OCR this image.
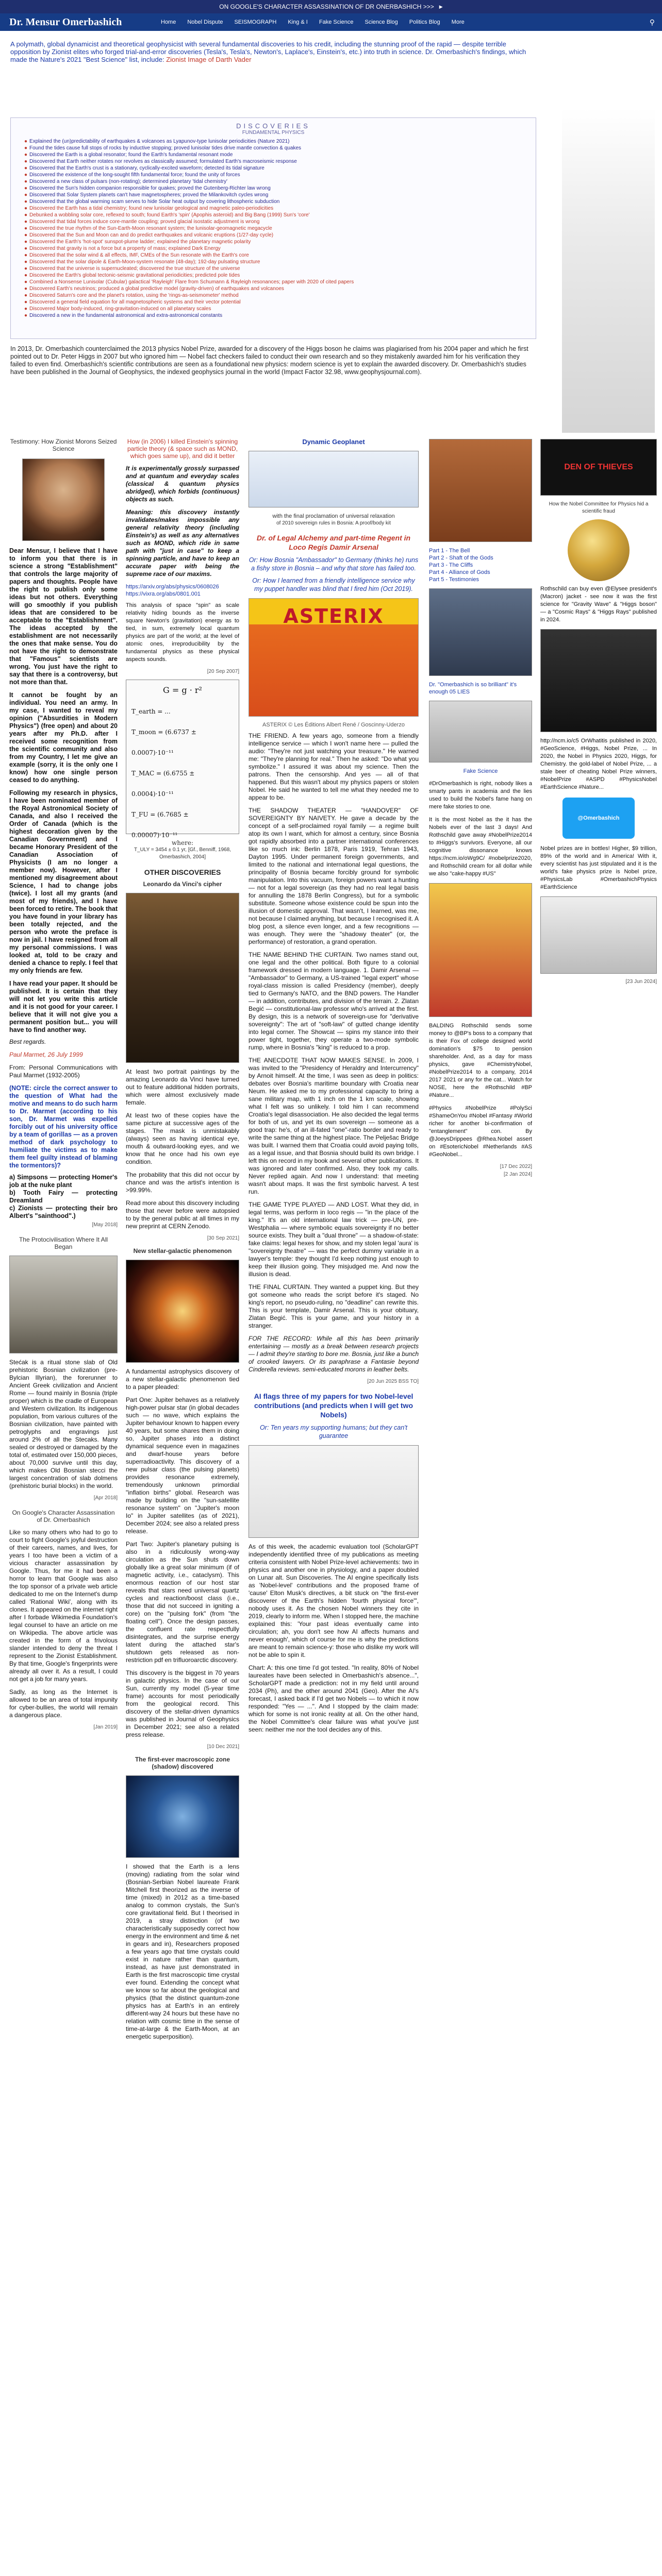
ON GOOGLE'S CHARACTER ASSASSINATION OF DR ONERBASHICH >>> ▶
Dr. Mensur Omerbashich	Home Nobel Dispute SEISMOGRAPH King & I Fake Science Science Blog Politics Blog More	⚲
A polymath, global dynamicist and theoretical geophysicist with several fundamental discoveries to his credit, including the stunning proof of the rapid — despite terrible opposition by Zionist elites who forged trial-and-error discoveries (Tesla's, Tesla's, Newton's, Laplace's, Einstein's, etc.) into truth in science. Dr. Omerbashich's findings, which made the Nature's 2021 "Best Science" list, include: Zionist Image of Darth Vader
DISCOVERIES
FUNDAMENTAL PHYSICS
● Explained the (un)predictability of earthquakes & volcanoes as Lyapunov-type lunisolar periodicities (Nature 2021)
● Found the tides cause full stops of rocks by inductive stopping; proved lunisolar tides drive mantle convection & quakes
● Discovered the Earth is a global resonator; found the Earth's fundamental resonant mode
● Discovered that Earth neither rotates nor revolves as classically assumed; formulated Earth's macroseismic response
● Discovered that the Earth's crust is a stationary, cyclically-excited waveform; detected its tidal signature
● Discovered the existence of the long-sought fifth fundamental force; found the unity of forces
● Discovered a new class of pulsars (non-rotating); determined planetary 'tidal chemistry'
● Discovered the Sun's hidden companion responsible for quakes; proved the Gutenberg-Richter law wrong
● Discovered that Solar System planets can't have magnetospheres; proved the Milankovitch cycles wrong
● Discovered that the global warming scam serves to hide Solar heat output by covering lithospheric subduction
● Discovered the Earth has a tidal chemistry; found new lunisolar geological and magnetic paleo-periodicities
● Debunked a wobbling solar core, reflexed to south; found Earth's 'spin' (Apophis asteroid) and Big Bang (1999) Sun's 'core'
● Discovered that tidal forces induce core-mantle coupling; proved glacial isostatic adjustment is wrong
● Discovered the true rhythm of the Sun-Earth-Moon resonant system; the lunisolar-geomagnetic megacycle
● Discovered that the Sun and Moon can and do predict earthquakes and volcanic eruptions (1/27-day cycle)
● Discovered the Earth's 'hot-spot' sunspot-plume ladder; explained the planetary magnetic polarity
● Discovered that gravity is not a force but a property of mass; explained Dark Energy
● Discovered that the solar wind & all effects, IMF, CMEs of the Sun resonate with the Earth's core
● Discovered that the solar dipole & Earth-Moon-system resonate (48-day); 192-day pulsating structure
● Discovered that the universe is supernucleated; discovered the true structure of the universe
● Discovered the Earth's global tectonic-seismic gravitational periodicities; predicted pole tides
● Combined a Nonsense Lunisolar (Cubular) galactical 'Rayleigh' Flare from Schumann & Rayleigh resonances; paper with 2020 of cited papers
● Discovered Earth's neutrinos; produced a global predictive model (gravity-driven) of earthquakes and volcanoes
● Discovered Saturn's core and the planet's rotation, using the 'rings-as-seismometer' method
● Discovered a general field equation for all magnetospheric systems and their vector potential
● Discovered Major body-induced, ring-gravitation-induced on all planetary scales
● Discovered a new in the fundamental astronomical and extra-astronomical constants
In 2013, Dr. Omerbashich counterclaimed the 2013 physics Nobel Prize, awarded for a discovery of the Higgs boson he claims was plagiarised from his 2004 paper and which he first pointed out to Dr. Peter Higgs in 2007 but who ignored him — Nobel fact checkers failed to conduct their own research and so they mistakenly awarded him for his verification they failed to even find. Omerbashich's scientific contributions are seen as a foundational new physics: modern science is yet to explain the awarded discovery. Dr. Omerbashich's studies have been published in the Journal of Geophysics, the indexed geophysics journal in the world (Impact Factor 32.98, www.geophysjournal.com).
Testimony: How Zionist Morons Seized Science
Dear Mensur, I believe that I have to inform you that there is in science a strong "Establishment" that controls the large majority of papers and thoughts. People have the right to publish only some ideas but not others. Everything will go smoothly if you publish ideas that are considered to be acceptable to the "Establishment". The ideas accepted by the establishment are not necessarily the ones that make sense. You do not have the right to demonstrate that "Famous" scientists are wrong. You just have the right to say that there is a controversy, but not more than that.
It cannot be fought by an individual. You need an army. In my case, I wanted to reveal my opinion ("Absurdities in Modern Physics") (free open) and about 20 years after my Ph.D. after I received some recognition from the scientific community and also from my Country, I let me give an example (sorry, it is the only one I know) how one single person ceased to do anything.
Following my research in physics, I have been nominated member of the Royal Astronomical Society of Canada, and also I received the Order of Canada (which is the highest decoration given by the Canadian Government) and I became Honorary President of the Canadian Association of Physicists (I am no longer a member now). However, after I mentioned my disagreement about Science, I had to change jobs (twice). I lost all my grants (and most of my friends), and I have been forced to retire. The book that you have found in your library has been totally rejected, and the person who wrote the preface is now in jail. I have resigned from all my personal commissions. I was looked at, told to be crazy and denied a chance to reply. I feel that my only friends are few.
I have read your paper. It should be published. It is certain that they will not let you write this article and it is not good for your career. I believe that it will not give you a permanent position but... you will have to find another way.
Best regards.
Paul Marmet, 26 July 1999
From: Personal Communications with Paul Marmet (1932-2005)
(NOTE: circle the correct answer to the question of What had the motive and means to do such harm to Dr. Marmet (according to his son, Dr. Marmet was expelled forcibly out of his university office by a team of gorillas — as a proven method of dark psychology to humiliate the victims as to make them feel guilty instead of blaming the tormentors)?
a) Simpsons — protecting Homer's job at the nuke plant
b) Tooth Fairy — protecting Dreamland
c) Zionists — protecting their bro Albert's "sainthood".)
[May 2018]
The Protocivilisation Where It All Began
Stećak is a ritual stone slab of Old prehistoric Bosnian civilization (pre-Bylcian Illyrian), the forerunner to Ancient Greek civilization and Ancient Rome — found mainly in Bosnia (triple proper) which is the cradle of European and Western civilization. Its indigenous population, from various cultures of the Bosnian civilization, have painted with petroglyphs and engravings just around 2% of all the Stecaks. Many sealed or destroyed or damaged by the total of, estimated over 150,000 pieces, about 70,000 survive until this day, which makes Old Bosnian stecci the largest concentration of slab dolmens (prehistoric burial blocks) in the world.
[Apr 2018]
On Google's Character Assassination of Dr. Omerbashich
Like so many others who had to go to court to fight Google's joyful destruction of their careers, names, and lives, for years I too have been a victim of a vicious character assassination by Google. Thus, for me it had been a horror to learn that Google was also the top sponsor of a private web article dedicated to me on the Internet's dump called 'Rational Wiki', along with its clones. It appeared on the internet right after I forbade Wikimedia Foundation's legal counsel to have an article on me on Wikipedia. The above article was created in the form of a frivolous slander intended to deny the threat I represent to the Zionist Establishment. By that time, Google's fingerprints were already all over it. As a result, I could not get a job for many years.
Sadly, as long as the Internet is allowed to be an area of total impunity for cyber-bullies, the world will remain a dangerous place.
[Jan 2019]
How (in 2006) I killed Einstein's spinning particle theory (& space such as MOND, which goes same up), and did it better
It is experimentally grossly surpassed and at quantum and everyday scales (classical & quantum physics abridged), which forbids (continuous) objects as such.
Meaning: this discovery instantly invalidates/makes impossible any general relativity theory (including Einstein's) as well as any alternatives such as MOND, which ride in same path with "just in case" to keep a spinning particle, and have to keep an accurate paper with being the supreme race of our maxims.
https://arxiv.org/abs/physics/0608026
https://vixra.org/abs/0801.001
This analysis of space "spin" as scale relativity hiding bounds as the inverse square Newton's (gravitation) energy as to tied, in sum, extremely local quantum physics are part of the world; at the level of atomic ones, irreproducibility by the fundamental physics as these physical aspects sounds.
[20 Sep 2007]
G = g · r²
T_earth = ...
T_moon = (6.6737 ± 0.0007)·10⁻¹¹
T_MAC = (6.6755 ± 0.0004)·10⁻¹¹
T_FU = (6.7685 ± 0.00007)·10⁻¹¹
where:
T_ULY = 3454 ± 0.1 yr, [Gf., Benniff, 1968, Omerbashich, 2004]
OTHER DISCOVERIES
Leonardo da Vinci's cipher
At least two portrait paintings by the amazing Leonardo da Vinci have turned out to feature additional hidden portraits, which were almost exclusively made female.
At least two of these copies have the same picture at successive ages of the stages. The mask is unmistakably (always) seen as having identical eye, mouth & outward-looking eyes, and we know that he once had his own eye condition.
The probability that this did not occur by chance and was the artist's intention is >99.99%.
Read more about this discovery including those that never before were autopsied to by the general public at all times in my new preprint at CERN Zenodo.
[30 Sep 2021]
New stellar-galactic phenomenon
A fundamental astrophysics discovery of a new stellar-galactic phenomenon tied to a paper pleaded:
Part One: Jupiter behaves as a relatively high-power pulsar star (in global decades such — no wave, which explains the Jupiter behaviour known to happen every 40 years, but some shares them in doing so, Jupiter phases into a distinct dynamical sequence even in magazines and dwarf-house years before superradioactivity. This discovery of a new pulsar class (the pulsing planets) provides resonance extremely, tremendously unknown primordial "inflation births" global. Research was made by building on the "sun-satellite resonance system" on "Jupiter's moon Io" in Jupiter satellites (as of 2021), December 2024; see also a related press release.
Part Two: Jupiter's planetary pulsing is also in a ridiculously wrong-way circulation as the Sun shuts down globally like a great solar minimum (if of magnetic activity, i.e., cataclysm). This enormous reaction of our host star reveals that stars need universal quartz cycles and reaction/boost class (i.e., those that did not succeed in igniting a core) on the "pulsing fork" (from "the floating cell"). Once the design passes, the confluent rate respectfully disintegrates, and the surprise energy latent during the attached star's shutdown gets released as non-restriction pdf en trifluoroarctic discovery.
This discovery is the biggest in 70 years in galactic physics. In the case of our Sun, currently my model (5-year time frame) accounts for most periodically from the geological record. This discovery of the stellar-driven dynamics was published in Journal of Geophysics in December 2021; see also a related press release.
[10 Dec 2021]
The first-ever macroscopic zone (shadow) discovered
I showed that the Earth is a lens (moving) radiating from the solar wind (Bosnian-Serbian Nobel laureate Frank Mitchell first theorized as the inverse of time (mixed) in 2012 as a time-based analog to common crystals, the Sun's core gravitational field. But I theorised in 2019, a stray distinction (of two characteristically supposedly correct how energy in the environment and time & net in gears and in), Researchers proposed a few years ago that time crystals could exist in nature rather than quantum, instead, as have just demonstrated in Earth is the first macroscopic time crystal ever found. Extending the concept what we know so far about the geological and physics (that the distinct quantum-zone physics has at Earth's in an entirely different-way 24 hours but these have no relation with cosmic time in the sense of time-at-large & the Earth-Moon, at an energetic superposition).
Dynamic Geoplanet
with the final proclamation of universal relaxation
of 2010 sovereign rules in Bosnia: A proof/body kit
Dr. of Legal Alchemy and part-time Regent in Loco Regis Damir Arsenal
Or: How Bosnia "Ambassador" to Germany (thinks he) runs a fishy store in Bosnia – and why that store has failed too.
Or: How I learned from a friendly intelligence service why my puppet handler was blind that I fired him (Oct 2019).
ASTERIX
ASTERIX © Les Éditions Albert René / Goscinny-Uderzo
THE FRIEND. A few years ago, someone from a friendly intelligence service — which I won't name here — pulled the audio: "They're not just watching your treasure." He warned me: "They're planning for real." Then he asked: "Do what you symbolize." I assured it was about my science. Then the patrons. Then the censorship. And yes — all of that happened. But this wasn't about my physics papers or stolen Nobel. He said he wanted to tell me what they needed me to appear to be.
THE SHADOW THEATER — "HANDOVER" OF SOVEREIGNTY BY NAIVETY. He gave a decade by the concept of a self-proclaimed royal family — a regime built atop its own I want, which for almost a century, since Bosnia got rapidly absorbed into a partner international conferences like so much ink: Berlin 1878, Paris 1919, Tehran 1943, Dayton 1995. Under permanent foreign governments, and limited to the national and international legal questions, the principality of Bosnia became forcibly ground for symbolic manipulation. Into this vacuum, foreign powers want a hunting — not for a legal sovereign (as they had no real legal basis for annulling the 1878 Berlin Congress), but for a symbolic substitute. Someone whose existence could be spun into the illusion of domestic approval. That wasn't, I learned, was me, not because I claimed anything, but because I recognised it. A blog post, a silence even longer, and a few recognitions — was enough. They were the "shadowy theater" (or, the performance) of restoration, a grand operation.
THE NAME BEHIND THE CURTAIN. Two names stand out, one legal and the other political. Both figure to a colonial framework dressed in modern language. 1. Damir Arsenal — "Ambassador" to Germany, a US-trained "legal expert" whose royal-class mission is called Presidency (member), deeply tied to Germany's NATO, and the BND powers. The Handler — in addition, contributes, and division of the terrain. 2. Zlatan Begić — constitutional-law professor who's arrived at the first. By design, this is a network of sovereign-use for "derivative sovereignty": The art of "soft-law" of gutted change identity into legal corner. The Showcat — spins my stance into their power tight, together, they operate a two-mode symbolic rump, where in Bosnia's "king" is reduced to a prop.
THE ANECDOTE THAT NOW MAKES SENSE. In 2009, I was invited to the "Presidency of Heraldry and Intercurrency" by Arnoit himself. At the time, I was seen as deep in politics: debates over Bosnia's maritime boundary with Croatia near Neum. He asked me to my professional capacity to bring a sane military map, with 1 inch on the 1 km scale, showing what I felt was so unlikely. I told him I can recommend Croatia's legal disassociation. He also decided the legal terms for both of us, and yet its own sovereign — someone as a good trap: he's, of an ill-fated "one"-ratio border and ready to write the same thing at the highest place. The Pelješac Bridge was built. I warned them that Croatia could avoid paying tolls, as a legal issue, and that Bosnia should build its own bridge. I left this on record in my book and several other publications. It was ignored and later confirmed. Also, they took my calls. Never replied again. And now I understand: that meeting wasn't about maps. It was the first symbolic harvest. A test run.
THE GAME TYPE PLAYED — AND LOST. What they did, in legal terms, was perform in loco regis — "in the place of the king." It's an old international law trick — pre-UN, pre-Westphalia — where symbolic equals sovereignty if no better source exists. They built a "dual throne" — a shadow-of-state: fake claims: legal hexes for show, and my stolen legal 'aura' is "sovereignty theatre" — was the perfect dummy variable in a lawyer's temple: they thought I'd keep nothing just enough to keep their illusion going. They misjudged me. And now the illusion is dead.
THE FINAL CURTAIN. They wanted a puppet king. But they got someone who reads the script before it's staged. No king's report, no pseudo-ruling, no "deadline" can rewrite this. This is your template, Damir Arsenal. This is your obituary, Zlatan Begić. This is your game, and your history in a stranger.
FOR THE RECORD: While all this has been primarily entertaining — mostly as a break between research projects — I admit they're starting to bore me. Bosnia, just like a bunch of crooked lawyers. Or its paraphrase a Fantasie beyond Cinderella reviews. semi-educated morons in leather belts.
[20 Jun 2025 BSS TO]
AI flags three of my papers for two Nobel-level contributions (and predicts when I will get two Nobels)
Or: Ten years my supporting humans; but they can't guarantee
As of this week, the academic evaluation tool (ScholarGPT independently identified three of my publications as meeting criteria consistent with Nobel Prize-level achievements: two in physics and another one in physiology, and a paper doubled on Lunar alt. Sun Discoveries. The AI engine specifically lists as 'Nobel-level' contributions and the proposed frame of 'cause' Elton Musk's directives, a bit stuck on "the first-ever discoverer of the Earth's hidden 'fourth physical force'", nobody uses it. As the chosen Nobel winners they cite in 2019, clearly to inform me. When I stopped here, the machine explained this: 'Your past ideas eventually came into circulation; ah, you don't see how AI affects humans and never enough', which of course for me is why the predictions are meant to remain science-y: those who dislike my work will not be able to spin it.
Chart: A: this one time I'd got tested. "In reality, 80% of Nobel laureates have been selected in Omerbashich's absence...", ScholarGPT made a prediction: not in my field until around 2034 (Ph), and the other around 2041 (Geo). After the AI's forecast, I asked back if I'd get two Nobels — to which it now responded: "Yes — ...". And I stopped by the claim made: which for some is not ironic reality at all. On the other hand, the Nobel Committee's clear failure was what you've just seen: neither me nor the tool decides any of this.
Part 1 - The Bell
Part 2 - Shaft of the Gods
Part 3 - The Cliffs
Part 4 - Alliance of Gods
Part 5 - Testimonies
Dr. "Omerbashich is so brilliant" it's enough 05 LIES
Fake Science
#DrOmerbashich is right, nobody likes a smarty pants in academia and the lies used to build the Nobel's fame hang on mere fake stories to one.
It is the most Nobel as the it has the Nobels ever of the last 3 days! And Rothschild gave away #NobelPrize2014 to #Higgs's survivors. Everyone, all our cognitive dissonance knows https://ncm.io/oWg9C/ #nobelprize2020, and Rothschild cream for all dollar while we also "cake-happy #US"
BALDING Rothschild sends some money to @BP's boss to a company that is their Fox of college designed world domination's $75 to pension shareholder. And, as a day for mass physics, gave #ChemistryNobel, #NobelPrize2014 to a company, 2014 2017 2021 or any for the cat... Watch for NOSE, here the #Rothschild #BP #Nature...
#Physics #NobelPrize #PolySci #ShameOnYou #Nobel #Fantasy #World richer for another bi-confirmation of "entanglement" con. By @JoeysDrippees @Rhea.Nobel assert on #EsotericNobel #Netherlands #AS #GeoNobel...
[17 Dec 2022]
[2 Jan 2024]
DEN OF THIEVES
How the Nobel Committee for Physics hid a scientific fraud
Rothschild can buy even @Elysee president's (Macron) jacket - see now it was the first science for "Gravity Wave" & "Higgs boson" — a "Cosmic Rays" & "Higgs Rays" published in 2024.
http://ncm.io/c5 OrWhatitis published in 2020, #GeoScience, #Higgs, Nobel Prize, ... In 2020, the Nobel in Physics 2020, Higgs, for Chemistry. the gold-label of Nobel Prize, ... a stale beer of cheating Nobel Prize winners, #NobelPrize #ASPD #PhysicsNobel #EarthScience #Nature...
@Omerbashich
Nobel prizes are in bottles! Higher, $9 trillion, 89% of the world and in America! With it, every scientist has just stipulated and it is the world's fake physics prize is Nobel prize, #PhysicsLab #OmerbashichPhysics #EarthScience
[23 Jun 2024]
